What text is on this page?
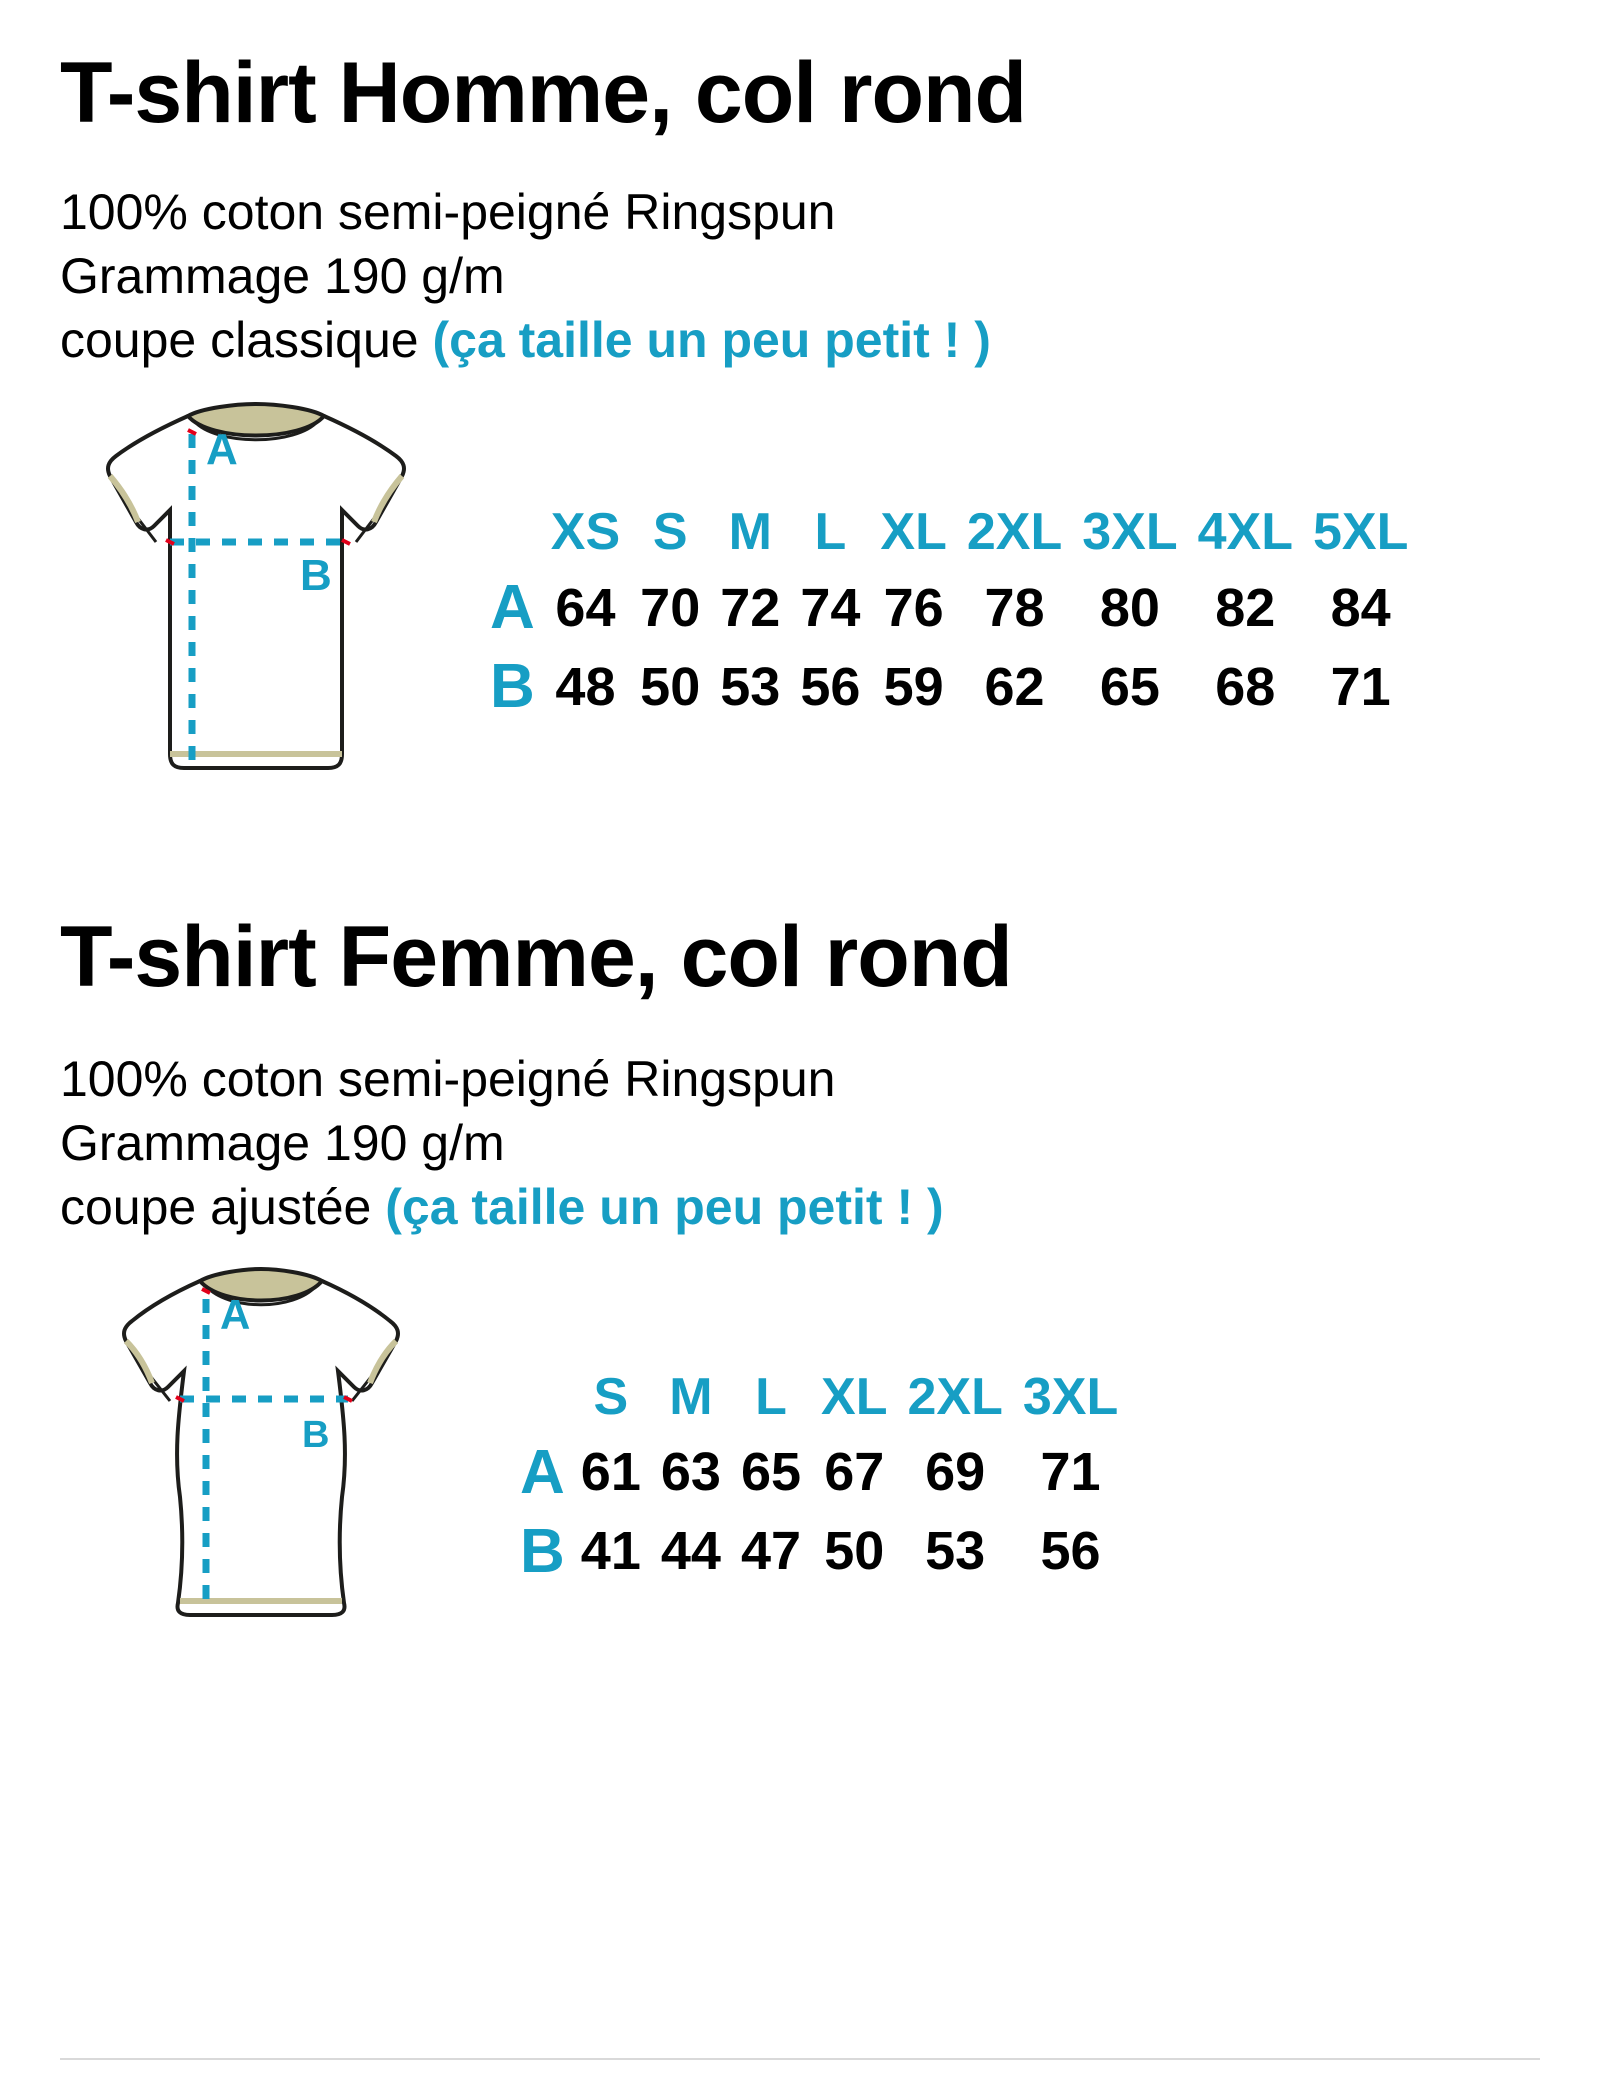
T-shirt Homme, col rond
100% coton semi-peigné Ringspun
Grammage 190 g/m
coupe classique (ça taille un peu petit ! )
A
B
	XS	S	M	L	XL	2XL	3XL	4XL	5XL
A	64	70	72	74	76	78	80	82	84
B	48	50	53	56	59	62	65	68	71
T-shirt Femme, col rond
100% coton semi-peigné Ringspun
Grammage 190 g/m
coupe ajustée (ça taille un peu petit ! )
A
B
	S	M	L	XL	2XL	3XL
A	61	63	65	67	69	71
B	41	44	47	50	53	56
